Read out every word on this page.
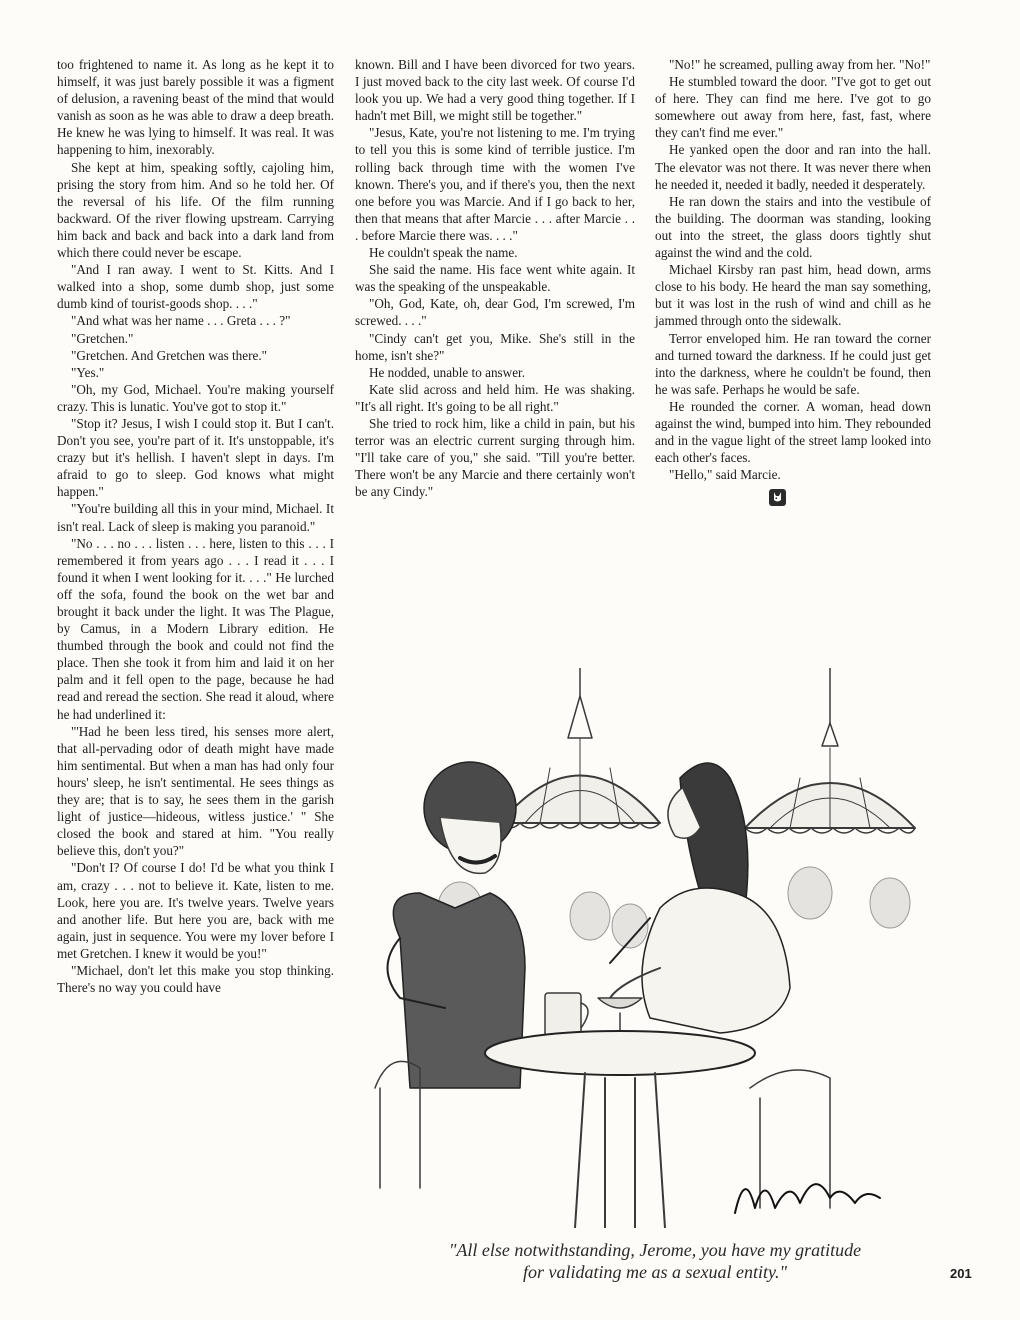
too frightened to name it. As long as he kept it to himself, it was just barely possible it was a figment of delusion, a ravening beast of the mind that would vanish as soon as he was able to draw a deep breath. He knew he was lying to himself. It was real. It was happening to him, inexorably.

She kept at him, speaking softly, cajoling him, prising the story from him. And so he told her. Of the reversal of his life. Of the film running backward. Of the river flowing upstream. Carrying him back and back and back into a dark land from which there could never be escape.

"And I ran away. I went to St. Kitts. And I walked into a shop, some dumb shop, just some dumb kind of tourist-goods shop. . . ."

"And what was her name . . . Greta . . . ?"

"Gretchen."

"Gretchen. And Gretchen was there."

"Yes."

"Oh, my God, Michael. You're making yourself crazy. This is lunatic. You've got to stop it."

"Stop it? Jesus, I wish I could stop it. But I can't. Don't you see, you're part of it. It's unstoppable, it's crazy but it's hellish. I haven't slept in days. I'm afraid to go to sleep. God knows what might happen."

"You're building all this in your mind, Michael. It isn't real. Lack of sleep is making you paranoid."

"No . . . no . . . listen . . . here, listen to this . . . I remembered it from years ago . . . I read it . . . I found it when I went looking for it. . . ." He lurched off the sofa, found the book on the wet bar and brought it back under the light. It was The Plague, by Camus, in a Modern Library edition. He thumbed through the book and could not find the place. Then she took it from him and laid it on her palm and it fell open to the page, because he had read and reread the section. She read it aloud, where he had underlined it:

"'Had he been less tired, his senses more alert, that all-pervading odor of death might have made him sentimental. But when a man has had only four hours' sleep, he isn't sentimental. He sees things as they are; that is to say, he sees them in the garish light of justice—hideous, witless justice.' " She closed the book and stared at him. "You really believe this, don't you?"

"Don't I? Of course I do! I'd be what you think I am, crazy . . . not to believe it. Kate, listen to me. Look, here you are. It's twelve years. Twelve years and another life. But here you are, back with me again, just in sequence. You were my lover before I met Gretchen. I knew it would be you!"

"Michael, don't let this make you stop thinking. There's no way you could have

known. Bill and I have been divorced for two years. I just moved back to the city last week. Of course I'd look you up. We had a very good thing together. If I hadn't met Bill, we might still be together."

"Jesus, Kate, you're not listening to me. I'm trying to tell you this is some kind of terrible justice. I'm rolling back through time with the women I've known. There's you, and if there's you, then the next one before you was Marcie. And if I go back to her, then that means that after Marcie . . . after Marcie . . . before Marcie there was. . . ."

He couldn't speak the name.

She said the name. His face went white again. It was the speaking of the unspeakable.

"Oh, God, Kate, oh, dear God, I'm screwed, I'm screwed. . . ."

"Cindy can't get you, Mike. She's still in the home, isn't she?"

He nodded, unable to answer.

Kate slid across and held him. He was shaking. "It's all right. It's going to be all right."

She tried to rock him, like a child in pain, but his terror was an electric current surging through him. "I'll take care of you," she said. "Till you're better. There won't be any Marcie and there certainly won't be any Cindy."

"No!" he screamed, pulling away from her. "No!"

He stumbled toward the door. "I've got to get out of here. They can find me here. I've got to go somewhere out away from here, fast, fast, where they can't find me ever."

He yanked open the door and ran into the hall. The elevator was not there. It was never there when he needed it, needed it badly, needed it desperately.

He ran down the stairs and into the vestibule of the building. The doorman was standing, looking out into the street, the glass doors tightly shut against the wind and the cold.

Michael Kirsby ran past him, head down, arms close to his body. He heard the man say something, but it was lost in the rush of wind and chill as he jammed through onto the sidewalk.

Terror enveloped him. He ran toward the corner and turned toward the darkness. If he could just get into the darkness, where he couldn't be found, then he was safe. Perhaps he would be safe.

He rounded the corner. A woman, head down against the wind, bumped into him. They rebounded and in the vague light of the street lamp looked into each other's faces.

"Hello," said Marcie.

"All else notwithstanding, Jerome, you have my gratitude for validating me as a sexual entity."	201
